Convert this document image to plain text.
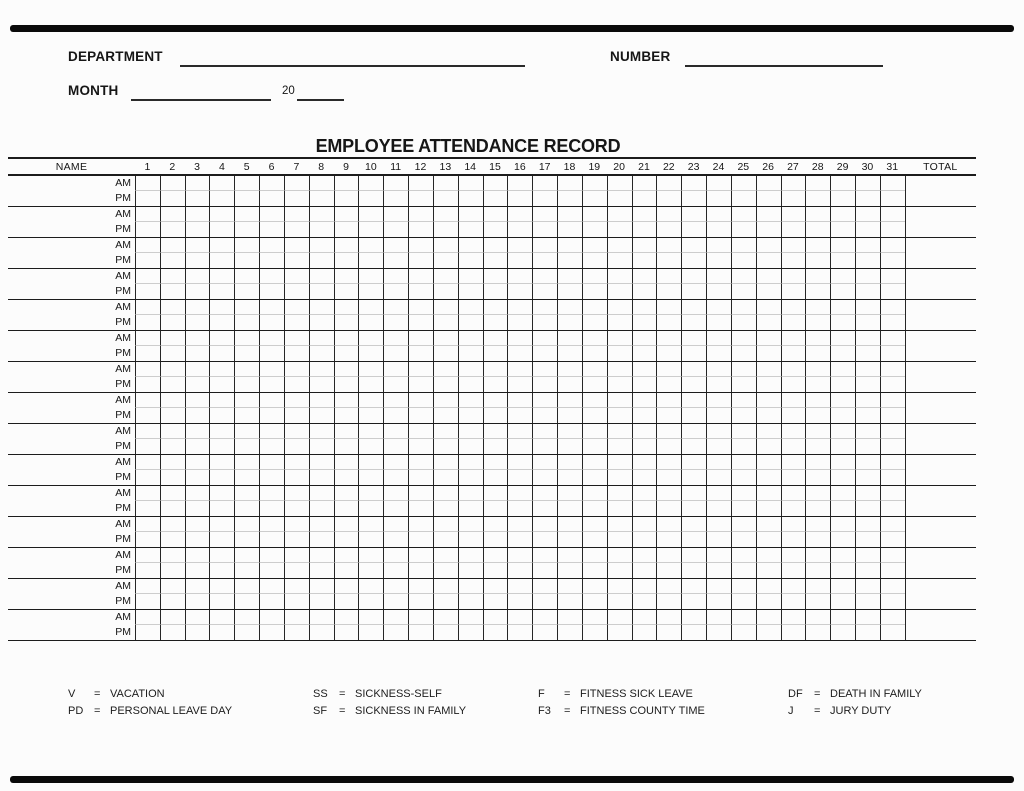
DEPARTMENT	NUMBER
MONTH	20
EMPLOYEE ATTENDANCE RECORD
NAME	1	2	3	4	5	6	7	8	9	10	11	12	13	14	15	16	17	18	19	20	21	22	23	24	25	26	27	28	29	30	31	TOTAL
AM
PM
AM
PM
AM
PM
AM
PM
AM
PM
AM
PM
AM
PM
AM
PM
AM
PM
AM
PM
AM
PM
AM
PM
AM
PM
AM
PM
AM
PM
V	= VACATION
PD = PERSONAL LEAVE DAY
SS	= SICKNESS-SELF
SF	= SICKNESS IN FAMILY
F	= FITNESS SICK LEAVE
F3	= FITNESS COUNTY TIME
DF	= DEATH IN FAMILY
J	= JURY DUTY
